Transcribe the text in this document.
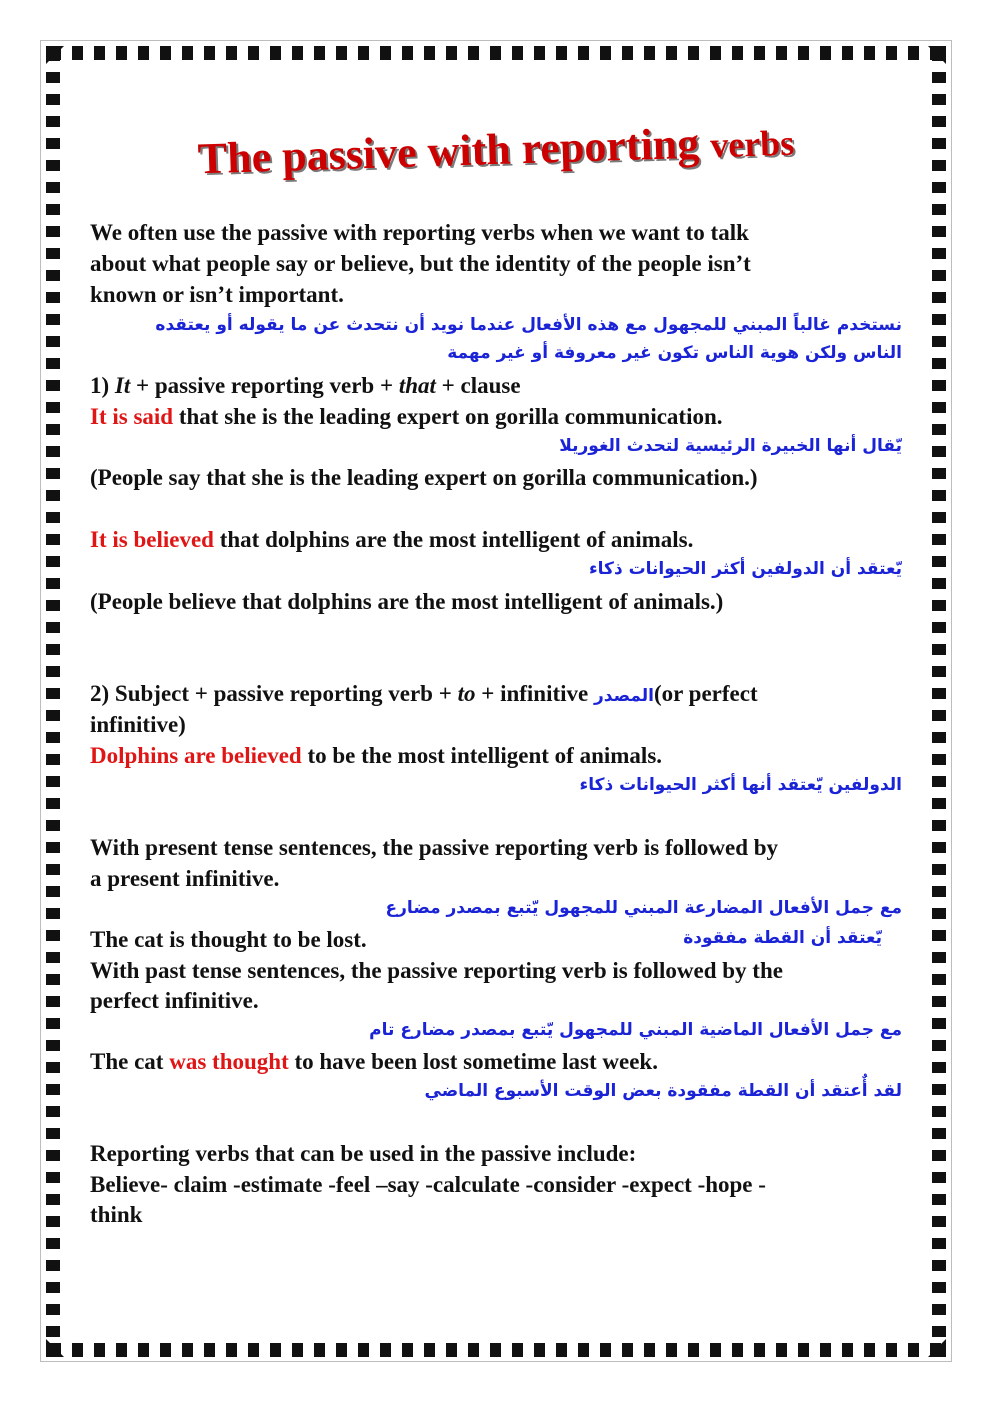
The passive with reporting verbs
We often use the passive with reporting verbs when we want to talk
about what people say or believe, but the identity of the people isn’t
known or isn’t important.
نستخدم غالباً المبني للمجهول مع هذه الأفعال عندما نويد أن نتحدث عن ما يقوله أو يعتقده
الناس ولكن هوية الناس تكون غير معروفة أو غير مهمة
1) It + passive reporting verb + that + clause
It is said that she is the leading expert on gorilla communication.
يّقال أنها الخبيرة الرئيسية لتحدث الغوريلا
(People say that she is the leading expert on gorilla communication.)
It is believed that dolphins are the most intelligent of animals.
يّعتقد أن الدولفين أكثر الحيوانات ذكاء
(People believe that dolphins are the most intelligent of animals.)
2) Subject + passive reporting verb + to + infinitive المصدر(or perfect
infinitive)
Dolphins are believed to be the most intelligent of animals.
الدولفين يّعتقد أنها أكثر الحيوانات ذكاء
With present tense sentences, the passive reporting verb is followed by
a present infinitive.
مع جمل الأفعال المضارعة المبني للمجهول يّتبع بمصدر مضارع
The cat is thought to be lost.	يّعتقد أن القطة مفقودة
With past tense sentences, the passive reporting verb is followed by the
perfect infinitive.
مع جمل الأفعال الماضية المبني للمجهول يّتبع بمصدر مضارع تام
The cat was thought to have been lost sometime last week.
لقد أٌعتقد أن القطة مفقودة بعض الوقت الأسبوع الماضي
Reporting verbs that can be used in the passive include:
Believe- claim -estimate -feel –say -calculate -consider -expect -hope -
think
